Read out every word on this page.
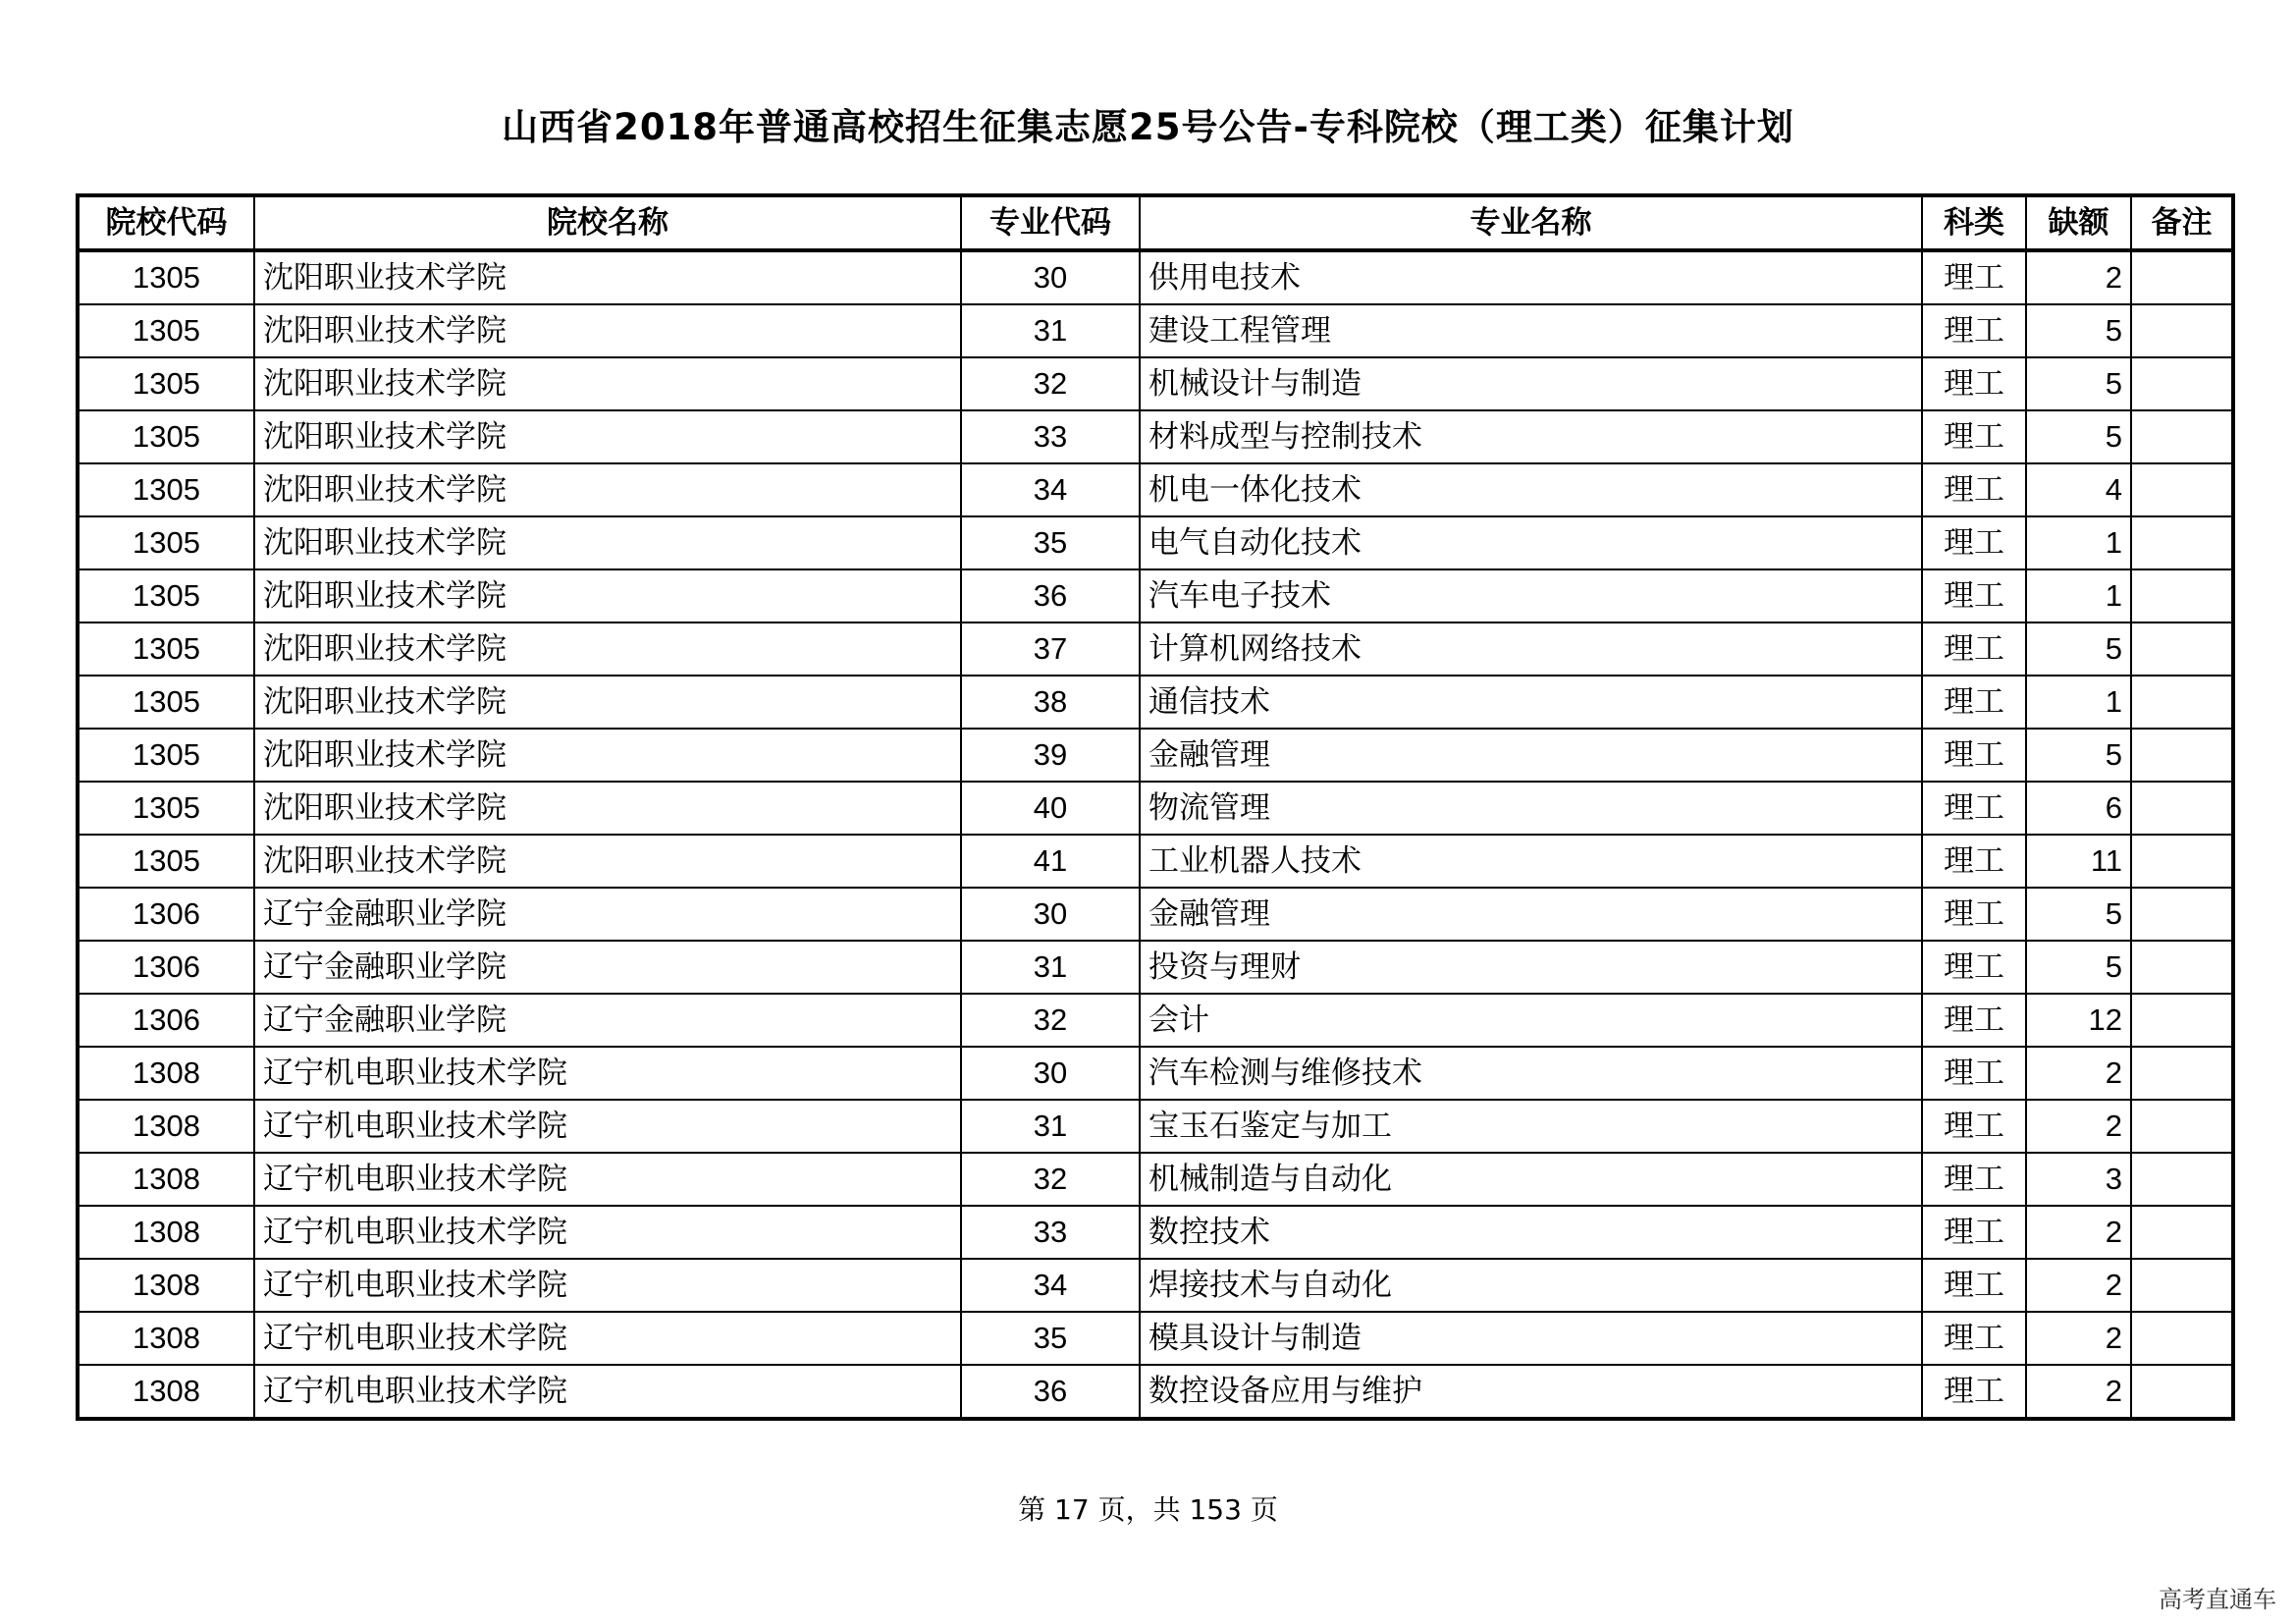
山西省2018年普通高校招生征集志愿25号公告-专科院校（理工类）征集计划
院校代码	院校名称	专业代码	专业名称	科类	缺额	备注
1305	沈阳职业技术学院	30	供用电技术	理工	2	
1305	沈阳职业技术学院	31	建设工程管理	理工	5	
1305	沈阳职业技术学院	32	机械设计与制造	理工	5	
1305	沈阳职业技术学院	33	材料成型与控制技术	理工	5	
1305	沈阳职业技术学院	34	机电一体化技术	理工	4	
1305	沈阳职业技术学院	35	电气自动化技术	理工	1	
1305	沈阳职业技术学院	36	汽车电子技术	理工	1	
1305	沈阳职业技术学院	37	计算机网络技术	理工	5	
1305	沈阳职业技术学院	38	通信技术	理工	1	
1305	沈阳职业技术学院	39	金融管理	理工	5	
1305	沈阳职业技术学院	40	物流管理	理工	6	
1305	沈阳职业技术学院	41	工业机器人技术	理工	11	
1306	辽宁金融职业学院	30	金融管理	理工	5	
1306	辽宁金融职业学院	31	投资与理财	理工	5	
1306	辽宁金融职业学院	32	会计	理工	12	
1308	辽宁机电职业技术学院	30	汽车检测与维修技术	理工	2	
1308	辽宁机电职业技术学院	31	宝玉石鉴定与加工	理工	2	
1308	辽宁机电职业技术学院	32	机械制造与自动化	理工	3	
1308	辽宁机电职业技术学院	33	数控技术	理工	2	
1308	辽宁机电职业技术学院	34	焊接技术与自动化	理工	2	
1308	辽宁机电职业技术学院	35	模具设计与制造	理工	2	
1308	辽宁机电职业技术学院	36	数控设备应用与维护	理工	2	
第 17 页，共 153 页
高考直通车
